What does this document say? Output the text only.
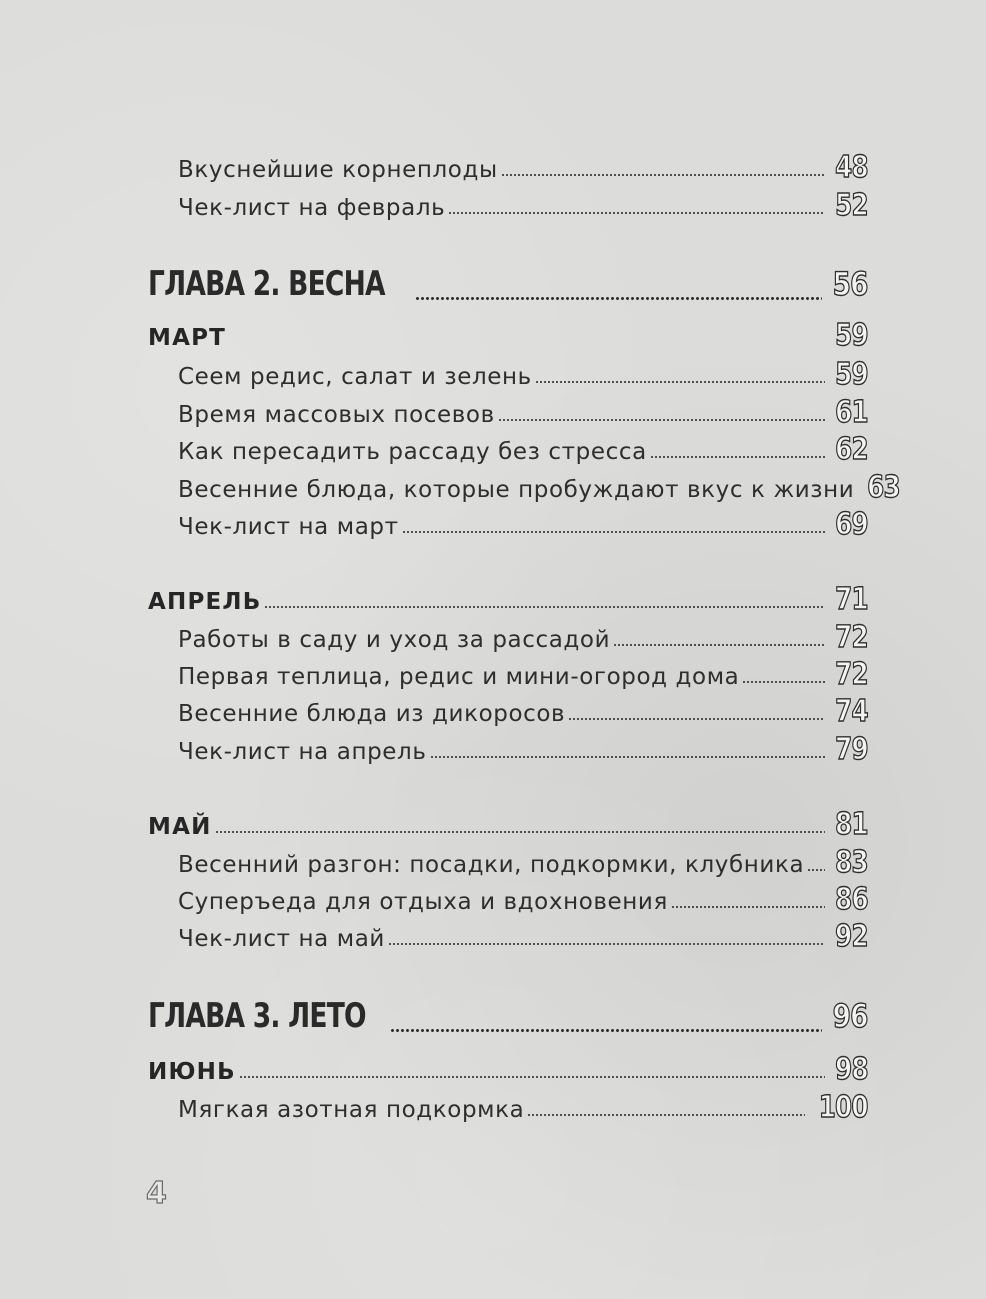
Вкуснейшие корнеплоды	48
Чек-лист на февраль	52
ГЛАВА 2. ВЕСНА	56
МАРТ	59
Сеем редис, салат и зелень	59
Время массовых посевов	61
Как пересадить рассаду без стресса	62
Весенние блюда, которые пробуждают вкус к жизни 63
Чек-лист на март	69
АПРЕЛЬ	71
Работы в саду и уход за рассадой	72
Первая теплица, редис и мини-огород дома	72
Весенние блюда из дикоросов	74
Чек-лист на апрель	79
МАЙ	81
Весенний разгон: посадки, подкормки, клубника 83
Суперъеда для отдыха и вдохновения	86
Чек-лист на май	92
ГЛАВА 3. ЛЕТО	96
ИЮНЬ	98
Мягкая азотная подкормка	100
4
